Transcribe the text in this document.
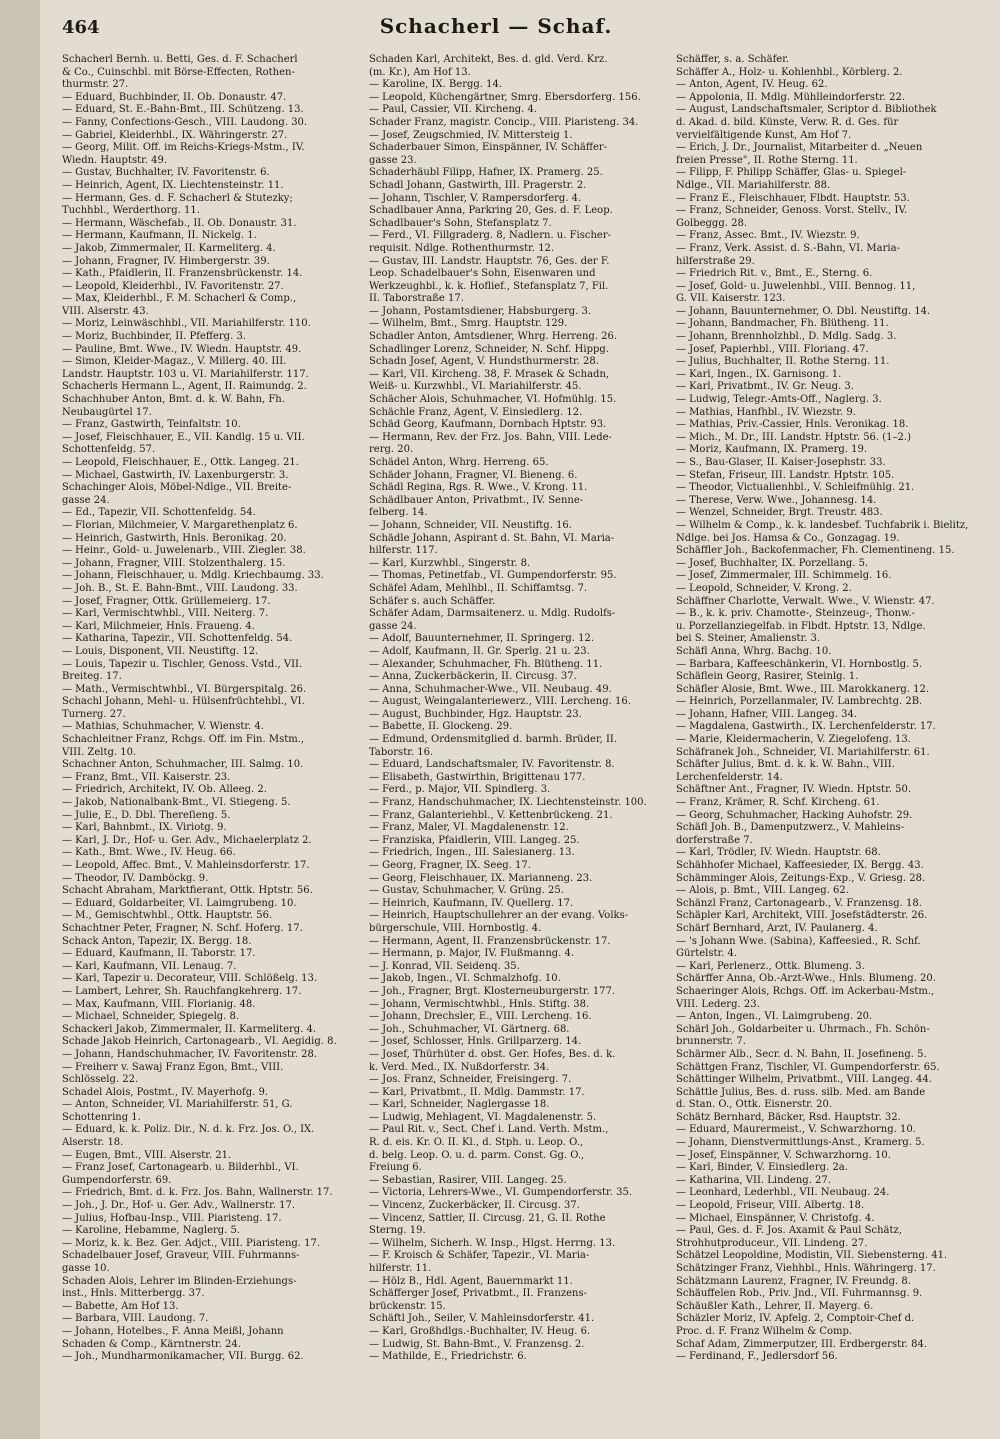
464	Schacherl — Schaf.
Schacherl Bernh. u. Betti, Ges. d. F. Schacherl
& Co., Cuinschbl. mit Börse-Effecten, Rothen-
thurmstr. 27.
— Eduard, Buchbinder, II. Ob. Donaustr. 47.
— Eduard, St. E.-Bahn-Bmt., III. Schützeng. 13.
— Fanny, Confections-Gesch., VIII. Laudong. 30.
— Gabriel, Kleiderhbl., IX. Währingerstr. 27.
— Georg, Milit. Off. im Reichs-Kriegs-Mstm., IV.
Wiedn. Hauptstr. 49.
— Gustav, Buchhalter, IV. Favoritenstr. 6.
— Heinrich, Agent, IX. Liechtensteinstr. 11.
— Hermann, Ges. d. F. Schacherl & Stutezky;
Tuchhbl., Werderthorg. 11.
— Hermann, Wäschefab., II. Ob. Donaustr. 31.
— Hermann, Kaufmann, II. Nickelg. 1.
— Jakob, Zimmermaler, II. Karmeliterg. 4.
— Johann, Fragner, IV. Himbergerstr. 39.
— Kath., Pfaidlerin, II. Franzensbrückenstr. 14.
— Leopold, Kleiderhbl., IV. Favoritenstr. 27.
— Max, Kleiderhbl., F. M. Schacherl & Comp.,
VIII. Alserstr. 43.
— Moriz, Leinwäschhbl., VII. Mariahilferstr. 110.
— Moriz, Buchbinder, II. Pfefferg. 3.
— Pauline, Bmt. Wwe., IV. Wiedn. Hauptstr. 49.
— Simon, Kleider-Magaz., V. Millerg. 40. III.
Landstr. Hauptstr. 103 u. VI. Mariahilferstr. 117.
Schacherls Hermann L., Agent, II. Raimundg. 2.
Schachhuber Anton, Bmt. d. k. W. Bahn, Fh.
Neubaugürtel 17.
— Franz, Gastwirth, Teinfaltstr. 10.
— Josef, Fleischhauer, E., VII. Kandlg. 15 u. VII.
Schottenfeldg. 57.
— Leopold, Fleischhauer, E., Ottk. Langeg. 21.
— Michael, Gastwirth, IV. Laxenburgerstr. 3.
Schachinger Alois, Möbel-Ndlge., VII. Breite-
gasse 24.
— Ed., Tapezir, VII. Schottenfeldg. 54.
— Florian, Milchmeier, V. Margarethenplatz 6.
— Heinrich, Gastwirth, Hnls. Beronikag. 20.
— Heinr., Gold- u. Juwelenarb., VIII. Ziegler. 38.
— Johann, Fragner, VIII. Stolzenthalerg. 15.
— Johann, Fleischhauer, u. Mdlg. Kriechbaumg. 33.
— Joh. B., St. E. Bahn-Bmt., VIII. Laudong. 33.
— Josef, Fragner, Ottk. Grüllemeierg. 17.
— Karl, Vermischtwhbl., VIII. Neiterg. 7.
— Karl, Milchmeier, Hnls. Fraueng. 4.
— Katharina, Tapezir., VII. Schottenfeldg. 54.
— Louis, Disponent, VII. Neustiftg. 12.
— Louis, Tapezir u. Tischler, Genoss. Vstd., VII.
Breiteg. 17.
— Math., Vermischtwhbl., VI. Bürgerspitalg. 26.
Schachl Johann, Mehl- u. Hülsenfrüchtehbl., VI.
Turnerg. 27.
— Mathias, Schuhmacher, V. Wienstr. 4.
Schachleitner Franz, Rchgs. Off. im Fin. Mstm.,
VIII. Zeltg. 10.
Schachner Anton, Schuhmacher, III. Salmg. 10.
— Franz, Bmt., VII. Kaiserstr. 23.
— Friedrich, Architekt, IV. Ob. Alleeg. 2.
— Jakob, Nationalbank-Bmt., VI. Stiegeng. 5.
— Julie, E., D. Dbl. Thereſieng. 5.
— Karl, Bahnbmt., IX. Viriotg. 9.
— Karl, J. Dr., Hof- u. Ger. Adv., Michaelerplatz 2.
— Kath., Bmt. Wwe., IV. Heug. 66.
— Leopold, Affec. Bmt., V. Mahleinsdorferstr. 17.
— Theodor, IV. Damböckg. 9.
Schacht Abraham, Marktfierant, Ottk. Hptstr. 56.
— Eduard, Goldarbeiter, VI. Laimgrubeng. 10.
— M., Gemischtwhbl., Ottk. Hauptstr. 56.
Schachtner Peter, Fragner, N. Schf. Hoferg. 17.
Schack Anton, Tapezir, IX. Bergg. 18.
— Eduard, Kaufmann, II. Taborstr. 17.
— Karl, Kaufmann, VII. Lenaug. 7.
— Karl, Tapezir u. Decorateur, VIII. Schlößelg. 13.
— Lambert, Lehrer, Sh. Rauchfangkehrerg. 17.
— Max, Kaufmann, VIII. Florianig. 48.
— Michael, Schneider, Spiegelg. 8.
Schackerl Jakob, Zimmermaler, II. Karmeliterg. 4.
Schade Jakob Heinrich, Cartonagearb., VI. Aegidig. 8.
— Johann, Handschuhmacher, IV. Favoritenstr. 28.
— Freiherr v. Sawaj Franz Egon, Bmt., VIII.
Schlösselg. 22.
Schadel Alois, Postmt., IV. Mayerhofg. 9.
— Anton, Schneider, VI. Mariahilferstr. 51, G.
Schottenring 1.
— Eduard, k. k. Poliz. Dir., N. d. k. Frz. Jos. O., IX.
Alserstr. 18.
— Eugen, Bmt., VIII. Alserstr. 21.
— Franz Josef, Cartonagearb. u. Bilderhbl., VI.
Gumpendorferstr. 69.
— Friedrich, Bmt. d. k. Frz. Jos. Bahn, Wallnerstr. 17.
— Joh., J. Dr., Hof- u. Ger. Adv., Wallnerstr. 17.
— Julius, Hofbau-Insp., VIII. Piaristeng. 17.
— Karoline, Hebamme, Naglerg. 5.
— Moriz, k. k. Bez. Ger. Adjct., VIII. Piaristeng. 17.
Schadelbauer Josef, Graveur, VIII. Fuhrmanns-
gasse 10.
Schaden Alois, Lehrer im Blinden-Erziehungs-
inst., Hnls. Mitterbergg. 37.
— Babette, Am Hof 13.
— Barbara, VIII. Laudong. 7.
— Johann, Hotelbes., F. Anna Meißl, Johann
Schaden & Comp., Kärntnerstr. 24.
— Joh., Mundharmonikamacher, VII. Burgg. 62.
Schaden Karl, Architekt, Bes. d. gld. Verd. Krz.
(m. Kr.), Am Hof 13.
— Karoline, IX. Bergg. 14.
— Leopold, Küchengärtner, Smrg. Ebersdorferg. 156.
— Paul, Cassier, VII. Kircheng. 4.
Schader Franz, magistr. Concip., VIII. Piaristeng. 34.
— Josef, Zeugschmied, IV. Mittersteig 1.
Schaderbauer Simon, Einspänner, IV. Schäffer-
gasse 23.
Schaderhäubl Filipp, Hafner, IX. Pramerg. 25.
Schadl Johann, Gastwirth, III. Pragerstr. 2.
— Johann, Tischler, V. Rampersdorferg. 4.
Schadlbauer Anna, Parkring 20, Ges. d. F. Leop.
Schadlbauer's Sohn, Stefansplatz 7.
— Ferd., VI. Fillgraderg. 8, Nadlern. u. Fischer-
requisit. Ndlge. Rothenthurmstr. 12.
— Gustav, III. Landstr. Hauptstr. 76, Ges. der F.
Leop. Schadelbauer's Sohn, Eisenwaren und
Werkzeughbl., k. k. Hoflief., Stefansplatz 7, Fil.
II. Taborstraße 17.
— Johann, Postamtsdiener, Habsburgerg. 3.
— Wilhelm, Bmt., Smrg. Hauptstr. 129.
Schadler Anton, Amtsdiener, Whrg. Herreng. 26.
Schadlinger Lorenz, Schneider, N. Schf. Hippg.
Schadn Josef, Agent, V. Hundsthurmerstr. 28.
— Karl, VII. Kircheng. 38, F. Mrasek & Schadn,
Weiß- u. Kurzwhbl., VI. Mariahilferstr. 45.
Schächer Alois, Schuhmacher, VI. Hofmühlg. 15.
Schächle Franz, Agent, V. Einsiedlerg. 12.
Schäd Georg, Kaufmann, Dornbach Hptstr. 93.
— Hermann, Rev. der Frz. Jos. Bahn, VIII. Lede-
rerg. 20.
Schädel Anton, Whrg. Herreng. 65.
Schäder Johann, Fragner, VI. Bieneng. 6.
Schädl Regina, Rgs. R. Wwe., V. Krong. 11.
Schädlbauer Anton, Privatbmt., IV. Senne-
felberg. 14.
— Johann, Schneider, VII. Neustiftg. 16.
Schädle Johann, Aspirant d. St. Bahn, VI. Maria-
hilferstr. 117.
— Karl, Kurzwhbl., Singerstr. 8.
— Thomas, Petinetfab., VI. Gumpendorferstr. 95.
Schäfel Adam, Mehlhbl., II. Schiffamtsg. 7.
Schäfer s. auch Schäffer.
Schäfer Adam, Darmsaitenerz. u. Mdlg. Rudolfs-
gasse 24.
— Adolf, Bauunternehmer, II. Springerg. 12.
— Adolf, Kaufmann, II. Gr. Sperlg. 21 u. 23.
— Alexander, Schuhmacher, Fh. Blütheng. 11.
— Anna, Zuckerbäckerin, II. Circusg. 37.
— Anna, Schuhmacher-Wwe., VII. Neubaug. 49.
— August, Weingalanteriewerz., VIII. Lercheng. 16.
— August, Buchbinder, Hgz. Hauptstr. 23.
— Babette, II. Glockeng. 29.
— Edmund, Ordensmitglied d. barmh. Brüder, II.
Taborstr. 16.
— Eduard, Landschaftsmaler, IV. Favoritenstr. 8.
— Elisabeth, Gastwirthin, Brigittenau 177.
— Ferd., p. Major, VII. Spindlerg. 3.
— Franz, Handschuhmacher, IX. Liechtensteinstr. 100.
— Franz, Galanteriehbl., V. Kettenbrückeng. 21.
— Franz, Maler, VI. Magdalenenstr. 12.
— Franziska, Pfaidlerin, VIII. Langeg. 25.
— Friedrich, Ingen., III. Salesianerg. 13.
— Georg, Fragner, IX. Seeg. 17.
— Georg, Fleischhauer, IX. Marianneng. 23.
— Gustav, Schuhmacher, V. Grüng. 25.
— Heinrich, Kaufmann, IV. Quellerg. 17.
— Heinrich, Hauptschullehrer an der evang. Volks-
bürgerschule, VIII. Hornbostlg. 4.
— Hermann, Agent, II. Franzensbrückenstr. 17.
— Hermann, p. Major, IV. Flußmanng. 4.
— J. Konrad, VII. Seidenq. 35.
— Jakob, Ingen., VI. Schmalzhofg. 10.
— Joh., Fragner, Brgt. Klosterneuburgerstr. 177.
— Johann, Vermischtwhbl., Hnls. Stiftg. 38.
— Johann, Drechsler, E., VIII. Lercheng. 16.
— Joh., Schuhmacher, VI. Gärtnerg. 68.
— Josef, Schlosser, Hnls. Grillparzerg. 14.
— Josef, Thürhüter d. obst. Ger. Hofes, Bes. d. k.
k. Verd. Med., IX. Nußdorferstr. 34.
— Jos. Franz, Schneider, Freisingerg. 7.
— Karl, Privatbmt., II. Mdlg. Dammstr. 17.
— Karl, Schneider, Naglergasse 18.
— Ludwig, Mehlagent, VI. Magdalenenstr. 5.
— Paul Rit. v., Sect. Chef i. Land. Verth. Mstm.,
R. d. eis. Kr. O. II. Kl., d. Stph. u. Leop. O.,
d. belg. Leop. O. u. d. parm. Const. Gg. O.,
Freiung 6.
— Sebastian, Rasirer, VIII. Langeg. 25.
— Victoria, Lehrers-Wwe., VI. Gumpendorferstr. 35.
— Vincenz, Zuckerbäcker, II. Circusg. 37.
— Vincenz, Sattler, II. Circusg. 21, G. II. Rothe
Sterng. 19.
— Wilhelm, Sicherh. W. Insp., Hlgst. Herrng. 13.
— F. Kroisch & Schäfer, Tapezir., VI. Maria-
hilferstr. 11.
— Hölz B., Hdl. Agent, Bauernmarkt 11.
Schäfferger Josef, Privatbmt., II. Franzens-
brückenstr. 15.
Schäftl Joh., Seiler, V. Mahleinsdorferstr. 41.
— Karl, Großhdlgs.-Buchhalter, IV. Heug. 6.
— Ludwig, St. Bahn-Bmt., V. Franzensg. 2.
— Mathilde, E., Friedrichstr. 6.
Schäffer, s. a. Schäfer.
Schäffer A., Holz- u. Kohlenhbl., Körblerg. 2.
— Anton, Agent, IV. Heug. 62.
— Appolonia, II. Mdlg. Mühlleindorferstr. 22.
— August, Landschaftsmaler, Scriptor d. Bibliothek
d. Akad. d. bild. Künste, Verw. R. d. Ges. für
vervielfältigende Kunst, Am Hof 7.
— Erich, J. Dr., Journalist, Mitarbeiter d. „Neuen
freien Presse", II. Rothe Sterng. 11.
— Filipp, F. Philipp Schäffer, Glas- u. Spiegel-
Ndlge., VII. Mariahilferstr. 88.
— Franz E., Fleischhauer, Flbdt. Hauptstr. 53.
— Franz, Schneider, Genoss. Vorst. Stellv., IV.
Golbeggg. 28.
— Franz, Assec. Bmt., IV. Wiezstr. 9.
— Franz, Verk. Assist. d. S.-Bahn, VI. Maria-
hilferstraße 29.
— Friedrich Rit. v., Bmt., E., Sterng. 6.
— Josef, Gold- u. Juwelenhbl., VIII. Bennog. 11,
G. VII. Kaiserstr. 123.
— Johann, Bauunternehmer, O. Dbl. Neustiftg. 14.
— Johann, Bandmacher, Fh. Blütheng. 11.
— Johann, Brennholzhbl., D. Mdlg. Sadg. 3.
— Josef, Papierhbl., VIII. Floriang. 47.
— Julius, Buchhalter, II. Rothe Sterng. 11.
— Karl, Ingen., IX. Garnisong. 1.
— Karl, Privatbmt., IV. Gr. Neug. 3.
— Ludwig, Telegr.-Amts-Off., Naglerg. 3.
— Mathias, Hanfhbl., IV. Wiezstr. 9.
— Mathias, Priv.-Cassier, Hnls. Veronikag. 18.
— Mich., M. Dr., III. Landstr. Hptstr. 56. (1–2.)
— Moriz, Kaufmann, IX. Pramerg. 19.
— S., Bau-Glaser, II. Kaiser-Josephstr. 33.
— Stefan, Friseur, III. Landstr. Hptstr. 105.
— Theodor, Victualienhbl., V. Schleifmühlg. 21.
— Therese, Verw. Wwe., Johannesg. 14.
— Wenzel, Schneider, Brgt. Treustr. 483.
— Wilhelm & Comp., k. k. landesbef. Tuchfabrik i. Bielitz,
Ndlge. bei Jos. Hamsa & Co., Gonzagag. 19.
Schäffler Joh., Backofenmacher, Fh. Clementineng. 15.
— Josef, Buchhalter, IX. Porzellang. 5.
— Josef, Zimmermaler, III. Schimmelg. 16.
— Leopold, Schneider, V. Krong. 2.
Schäffner Charlotte, Verwalt. Wwe., V. Wienstr. 47.
— B., k. k. priv. Chamotte-, Steinzeug-, Thonw.-
u. Porzellanziegelfab. in Flbdt. Hptstr. 13, Ndlge.
bei S. Steiner, Amalienstr. 3.
Schäfl Anna, Whrg. Bachg. 10.
— Barbara, Kaffeeschänkerin, VI. Hornbostlg. 5.
Schäflein Georg, Rasirer, Steinlg. 1.
Schäfler Alosie, Bmt. Wwe., III. Marokkanerg. 12.
— Heinrich, Porzellanmaler, IV. Lambrechtg. 2B.
— Johann, Hafner, VIII. Langeg. 34.
— Magdalena, Gastwirth., IX. Lerchenfelderstr. 17.
— Marie, Kleidermacherin, V. Ziegelofeng. 13.
Schäfranek Joh., Schneider, VI. Mariahilferstr. 61.
Schäfter Julius, Bmt. d. k. k. W. Bahn., VIII.
Lerchenfelderstr. 14.
Schäftner Ant., Fragner, IV. Wiedn. Hptstr. 50.
— Franz, Krämer, R. Schf. Kircheng. 61.
— Georg, Schuhmacher, Hacking Auhofstr. 29.
Schäfl Joh. B., Damenputzwerz., V. Mahleins-
dorferstraße 7.
— Karl, Trödler, IV. Wiedn. Hauptstr. 68.
Schähhofer Michael, Kaffeesieder, IX. Bergg. 43.
Schämminger Alois, Zeitungs-Exp., V. Griesg. 28.
— Alois, p. Bmt., VIII. Langeg. 62.
Schänzl Franz, Cartonagearb., V. Franzensg. 18.
Schäpler Karl, Architekt, VIII. Josefstädterstr. 26.
Schärf Bernhard, Arzt, IV. Paulanerg. 4.
— 's Johann Wwe. (Sabina), Kaffeesied., R. Schf.
Gürtelstr. 4.
— Karl, Perlenerz., Ottk. Blumeng. 3.
Schärffer Anna, Ob.-Arzt-Wwe., Hnls. Blumeng. 20.
Schaeringer Alois, Rchgs. Off. im Ackerbau-Mstm.,
VIII. Lederg. 23.
— Anton, Ingen., VI. Laimgrubeng. 20.
Schärl Joh., Goldarbeiter u. Uhrmach., Fh. Schön-
brunnerstr. 7.
Schärmer Alb., Secr. d. N. Bahn, II. Josefineng. 5.
Schättgen Franz, Tischler, VI. Gumpendorferstr. 65.
Schättinger Wilhelm, Privatbmt., VIII. Langeg. 44.
Schättle Julius, Bes. d. russ. silb. Med. am Bande
d. Stan. O., Ottk. Eisnerstr. 20.
Schätz Bernhard, Bäcker, Rsd. Hauptstr. 32.
— Eduard, Maurermeist., V. Schwarzhorng. 10.
— Johann, Dienstvermittlungs-Anst., Kramerg. 5.
— Josef, Einspänner, V. Schwarzhorng. 10.
— Karl, Binder, V. Einsiedlerg. 2a.
— Katharina, VII. Lindeng. 27.
— Leonhard, Lederhbl., VII. Neubaug. 24.
— Leopold, Friseur, VIII. Albertg. 18.
— Michael, Einspänner, V. Christofg. 4.
— Paul, Ges. d. F. Jos. Axamit & Paul Schätz,
Strohhutproduceur., VII. Lindeng. 27.
Schätzel Leopoldine, Modistin, VII. Siebensterng. 41.
Schätzinger Franz, Viehhbl., Hnls. Währingerg. 17.
Schätzmann Laurenz, Fragner, IV. Freundg. 8.
Schäuffelen Rob., Priv. Jnd., VII. Fuhrmannsg. 9.
Schäußler Kath., Lehrer, II. Mayerg. 6.
Schäzler Moriz, IV. Apfelg. 2, Comptoir-Chef d.
Proc. d. F. Franz Wilhelm & Comp.
Schaf Adam, Zimmerputzer, III. Erdbergerstr. 84.
— Ferdinand, F., Jedlersdorf 56.
